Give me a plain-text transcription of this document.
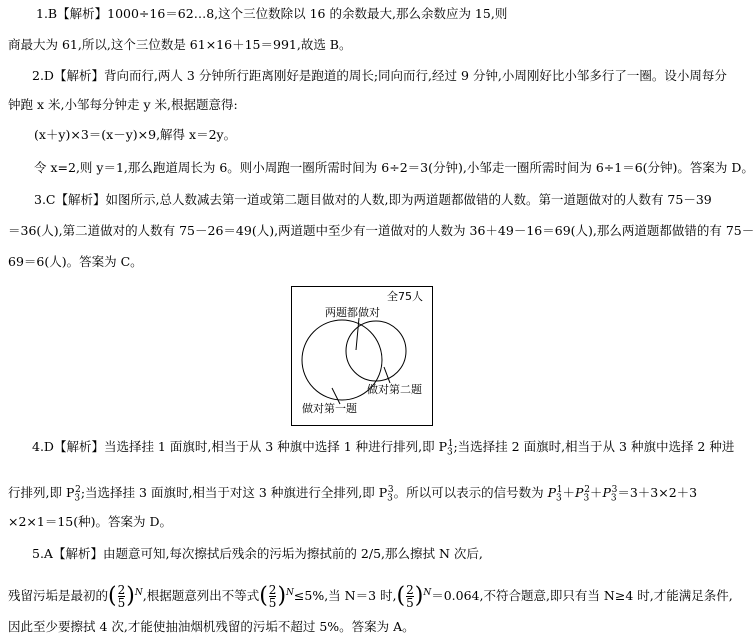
1.B【解析】1000÷16＝62…8,这个三位数除以 16 的余数最大,那么余数应为 15,则
商最大为 61,所以,这个三位数是 61×16＋15＝991,故选 B。
2.D【解析】背向而行,两人 3 分钟所行距离刚好是跑道的周长;同向而行,经过 9 分钟,小周刚好比小邹多行了一圈。设小周每分
钟跑 x 米,小邹每分钟走 y 米,根据题意得:
(x＋y)×3＝(x－y)×9,解得 x＝2y。
令 x=2,则 y＝1,那么跑道周长为 6。则小周跑一圈所需时间为 6÷2＝3(分钟),小邹走一圈所需时间为 6÷1＝6(分钟)。答案为 D。
3.C【解析】如图所示,总人数减去第一道或第二题目做对的人数,即为两道题都做错的人数。第一道题做对的人数有 75－39
＝36(人),第二道做对的人数有 75－26＝49(人),两道题中至少有一道做对的人数为 36＋49－16＝69(人),那么两道题都做错的有 75－
69＝6(人)。答案为 C。
全75人
两题都做对
做对第二题
做对第一题
4.D【解析】当选择挂 1 面旗时,相当于从 3 种旗中选择 1 种进行排列,即 $P_3^1$;当选择挂 2 面旗时,相当于从 3 种旗中选择 2 种进
行排列,即 $P_3^2$;当选择挂 3 面旗时,相当于对这 3 种旗进行全排列,即 $P_3^3$。所以可以表示的信号数为 $P_3^1+P_3^2+P_3^3=3+3\times 2+3$
×2×1＝15(种)。答案为 D。
5.A【解析】由题意可知,每次擦拭后残余的污垢为擦拭前的 2/5,那么擦拭 N 次后,
残留污垢是最初的( $\frac{2}{5} )^N$,根据题意列出不等式( $\frac{2}{5} )^N\le 5\%$,当 N＝3 时,( $\frac{2}{5} )^N=0.064$,不符合题意,即只有当 N≥4 时,才能满足条件,
因此至少要擦拭 4 次,才能使抽油烟机残留的污垢不超过 5%。答案为 A。
